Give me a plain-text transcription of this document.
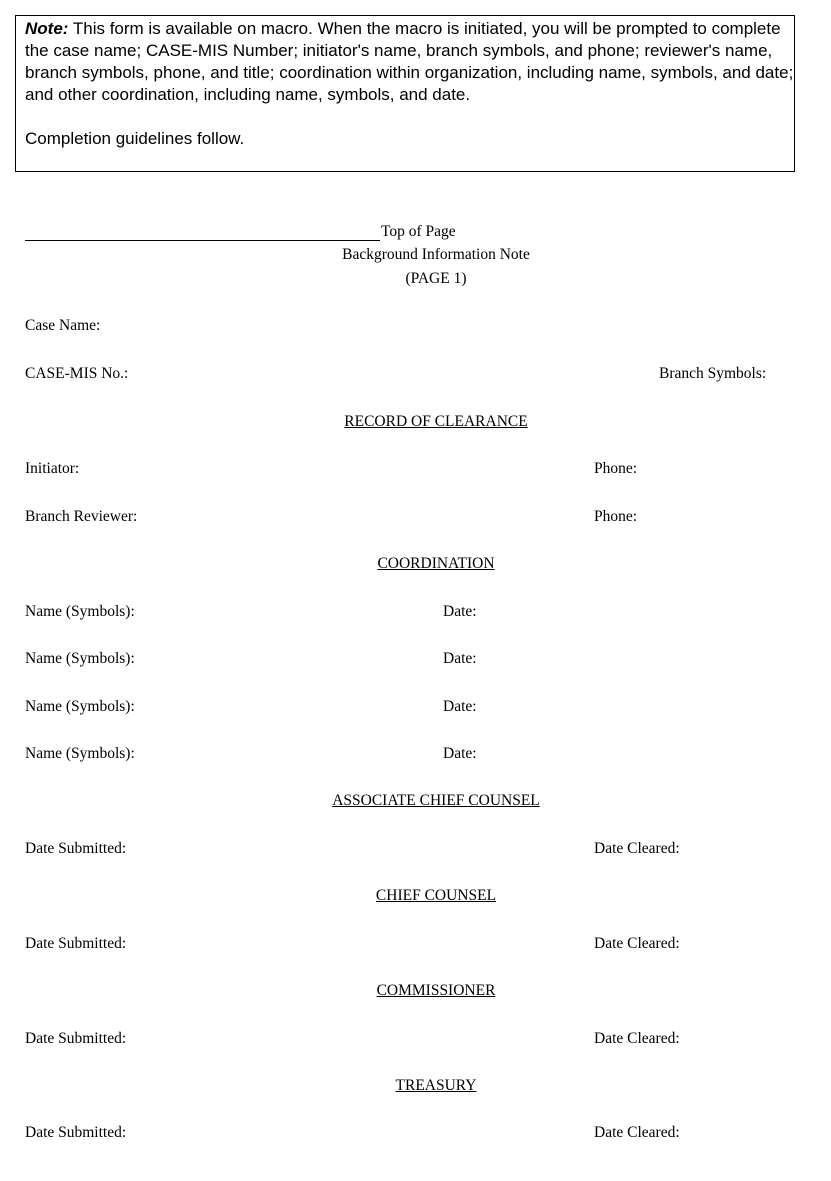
Note: This form is available on macro. When the macro is initiated, you will be prompted to complete the case name; CASE-MIS Number; initiator's name, branch symbols, and phone; reviewer's name, branch symbols, phone, and title; coordination within organization, including name, symbols, and date; and other coordination, including name, symbols, and date.

Completion guidelines follow.

Top of Page
Background Information Note
(PAGE 1)
Case Name:
CASE-MIS No.:	Branch Symbols:
RECORD OF CLEARANCE
Initiator:	Phone:
Branch Reviewer:	Phone:
COORDINATION
Name (Symbols):	Date:
Name (Symbols):	Date:
Name (Symbols):	Date:
Name (Symbols):	Date:
ASSOCIATE CHIEF COUNSEL
Date Submitted:	Date Cleared:
CHIEF COUNSEL
Date Submitted:	Date Cleared:
COMMISSIONER
Date Submitted:	Date Cleared:
TREASURY
Date Submitted:	Date Cleared:
